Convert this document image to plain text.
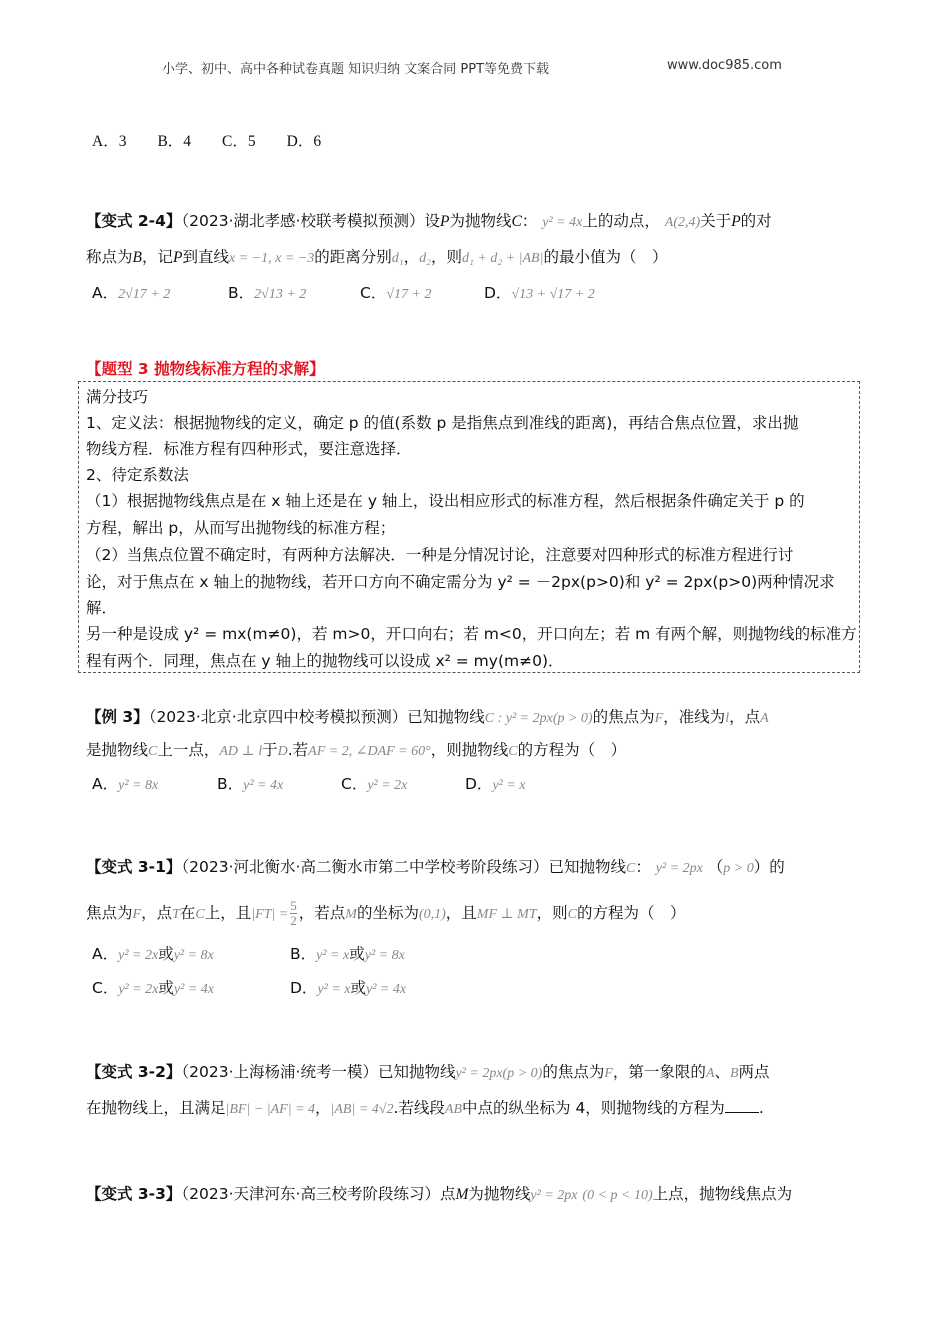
小学、初中、高中各种试卷真题 知识归纳 文案合同 PPT等免费下载	www.doc985.com
A．3　　B．4　　C．5　　D．6
【变式 2-4】（2023·湖北孝感·校联考模拟预测）设P为抛物线C： y² = 4x上的动点， A(2,4)关于P的对
称点为B，记P到直线x = −1, x = −3的距离分别d₁，d₂，则d₁ + d₂ + |AB|的最小值为（　）
A．2√17 + 2	B．2√13 + 2	C．√17 + 2	D．√13 + √17 + 2
【题型 3 抛物线标准方程的求解】
满分技巧
1、定义法：根据抛物线的定义，确定 p 的值(系数 p 是指焦点到准线的距离)，再结合焦点位置，求出抛
物线方程．标准方程有四种形式，要注意选择．
2、待定系数法
（1）根据抛物线焦点是在 x 轴上还是在 y 轴上，设出相应形式的标准方程，然后根据条件确定关于 p 的
方程，解出 p，从而写出抛物线的标准方程；
（2）当焦点位置不确定时，有两种方法解决．一种是分情况讨论，注意要对四种形式的标准方程进行讨
论，对于焦点在 x 轴上的抛物线，若开口方向不确定需分为 y² = －2px(p>0)和 y² = 2px(p>0)两种情况求
解．
另一种是设成 y² = mx(m≠0)，若 m>0，开口向右；若 m<0，开口向左；若 m 有两个解，则抛物线的标准方
程有两个．同理，焦点在 y 轴上的抛物线可以设成 x² = my(m≠0)．
【例 3】（2023·北京·北京四中校考模拟预测）已知抛物线C : y² = 2px(p > 0)的焦点为F，准线为l，点A
是抛物线C上一点，AD ⊥ l于D.若AF = 2, ∠DAF = 60°，则抛物线C的方程为（　）
A．y² = 8x	B．y² = 4x	C．y² = 2x	D．y² = x
【变式 3-1】（2023·河北衡水·高二衡水市第二中学校考阶段练习）已知抛物线C： y² = 2px （p > 0）的
焦点为F，点T在C上，且$|FT| = \frac{5}{2}$ ，若点M的坐标为(0,1)，且MF ⊥ MT，则C的方程为（　）
A．y² = 2x或y² = 8x	B．y² = x或y² = 8x
C．y² = 2x或y² = 4x	D．y² = x或y² = 4x
【变式 3-2】（2023·上海杨浦·统考一模）已知抛物线y² = 2px(p > 0)的焦点为F，第一象限的A、B两点
在抛物线上，且满足|BF| − |AF| = 4，|AB| = 4√2.若线段AB中点的纵坐标为 4，则抛物线的方程为 .
【变式 3-3】（2023·天津河东·高三校考阶段练习）点M为抛物线y² = 2px (0 < p < 10)上点，抛物线焦点为
